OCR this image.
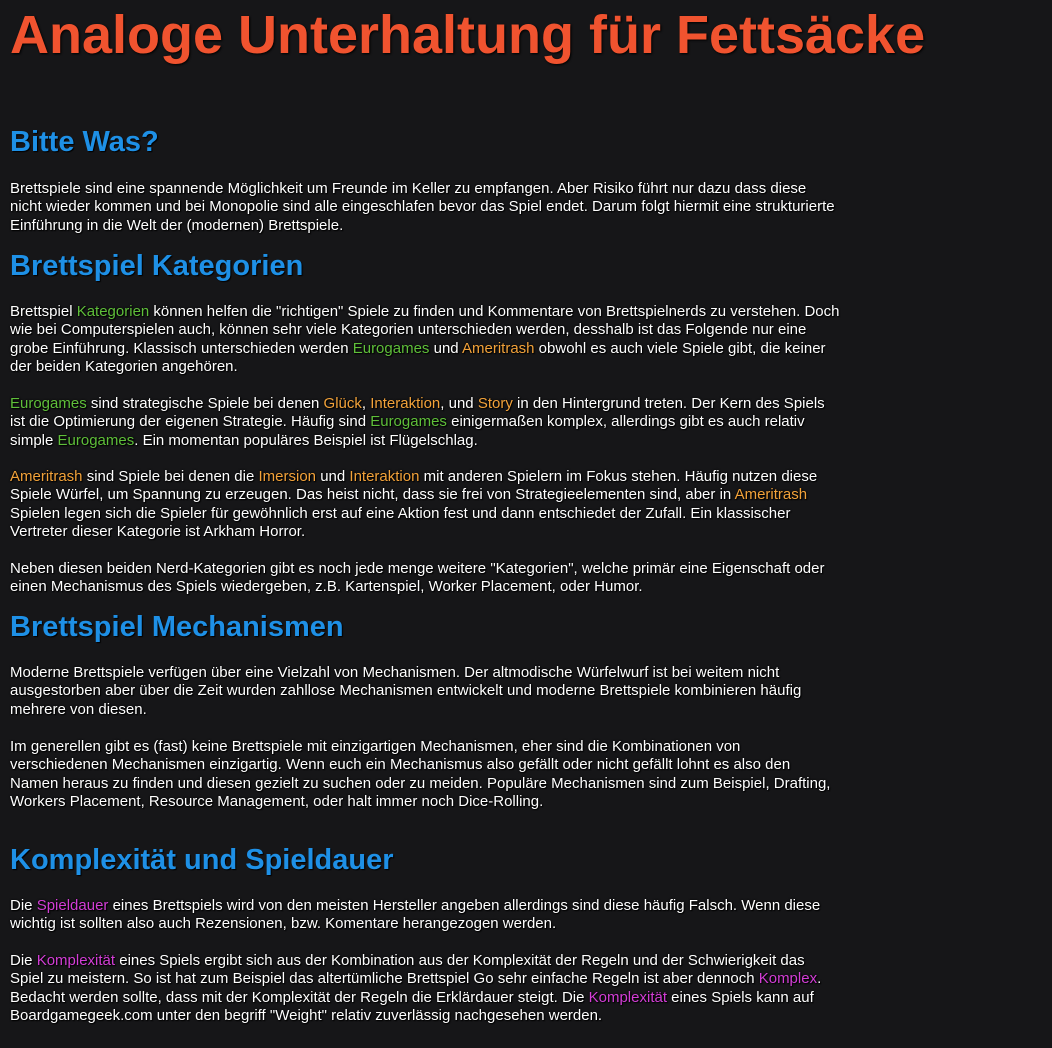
Analoge Unterhaltung für Fettsäcke
Bitte Was?

Brettspiele sind eine spannende Möglichkeit um Freunde im Keller zu empfangen. Aber Risiko führt nur dazu dass diese nicht wieder kommen und bei Monopolie sind alle eingeschlafen bevor das Spiel endet. Darum folgt hiermit eine strukturierte Einführung in die Welt der (modernen) Brettspiele.

Brettspiel Kategorien

Brettspiel Kategorien können helfen die "richtigen" Spiele zu finden und Kommentare von Brettspielnerds zu verstehen. Doch wie bei Computerspielen auch, können sehr viele Kategorien unterschieden werden, desshalb ist das Folgende nur eine grobe Einführung. Klassisch unterschieden werden Eurogames und Ameritrash obwohl es auch viele Spiele gibt, die keiner der beiden Kategorien angehören.

Eurogames sind strategische Spiele bei denen Glück, Interaktion, und Story in den Hintergrund treten. Der Kern des Spiels ist die Optimierung der eigenen Strategie. Häufig sind Eurogames einigermaßen komplex, allerdings gibt es auch relativ simple Eurogames. Ein momentan populäres Beispiel ist Flügelschlag.

Ameritrash sind Spiele bei denen die Imersion und Interaktion mit anderen Spielern im Fokus stehen. Häufig nutzen diese Spiele Würfel, um Spannung zu erzeugen. Das heist nicht, dass sie frei von Strategieelementen sind, aber in Ameritrash Spielen legen sich die Spieler für gewöhnlich erst auf eine Aktion fest und dann entschiedet der Zufall. Ein klassischer Vertreter dieser Kategorie ist Arkham Horror.

Neben diesen beiden Nerd-Kategorien gibt es noch jede menge weitere "Kategorien", welche primär eine Eigenschaft oder einen Mechanismus des Spiels wiedergeben, z.B. Kartenspiel, Worker Placement, oder Humor.

Brettspiel Mechanismen

Moderne Brettspiele verfügen über eine Vielzahl von Mechanismen. Der altmodische Würfelwurf ist bei weitem nicht ausgestorben aber über die Zeit wurden zahllose Mechanismen entwickelt und moderne Brettspiele kombinieren häufig mehrere von diesen.

Im generellen gibt es (fast) keine Brettspiele mit einzigartigen Mechanismen, eher sind die Kombinationen von verschiedenen Mechanismen einzigartig. Wenn euch ein Mechanismus also gefällt oder nicht gefällt lohnt es also den Namen heraus zu finden und diesen gezielt zu suchen oder zu meiden. Populäre Mechanismen sind zum Beispiel, Drafting, Workers Placement, Resource Management, oder halt immer noch Dice-Rolling.

Komplexität und Spieldauer

Die Spieldauer eines Brettspiels wird von den meisten Hersteller angeben allerdings sind diese häufig Falsch. Wenn diese wichtig ist sollten also auch Rezensionen, bzw. Komentare herangezogen werden.

Die Komplexität eines Spiels ergibt sich aus der Kombination aus der Komplexität der Regeln und der Schwierigkeit das Spiel zu meistern. So ist hat zum Beispiel das altertümliche Brettspiel Go sehr einfache Regeln ist aber dennoch Komplex. Bedacht werden sollte, dass mit der Komplexität der Regeln die Erklärdauer steigt. Die Komplexität eines Spiels kann auf Boardgamegeek.com unter den begriff "Weight" relativ zuverlässig nachgesehen werden.
